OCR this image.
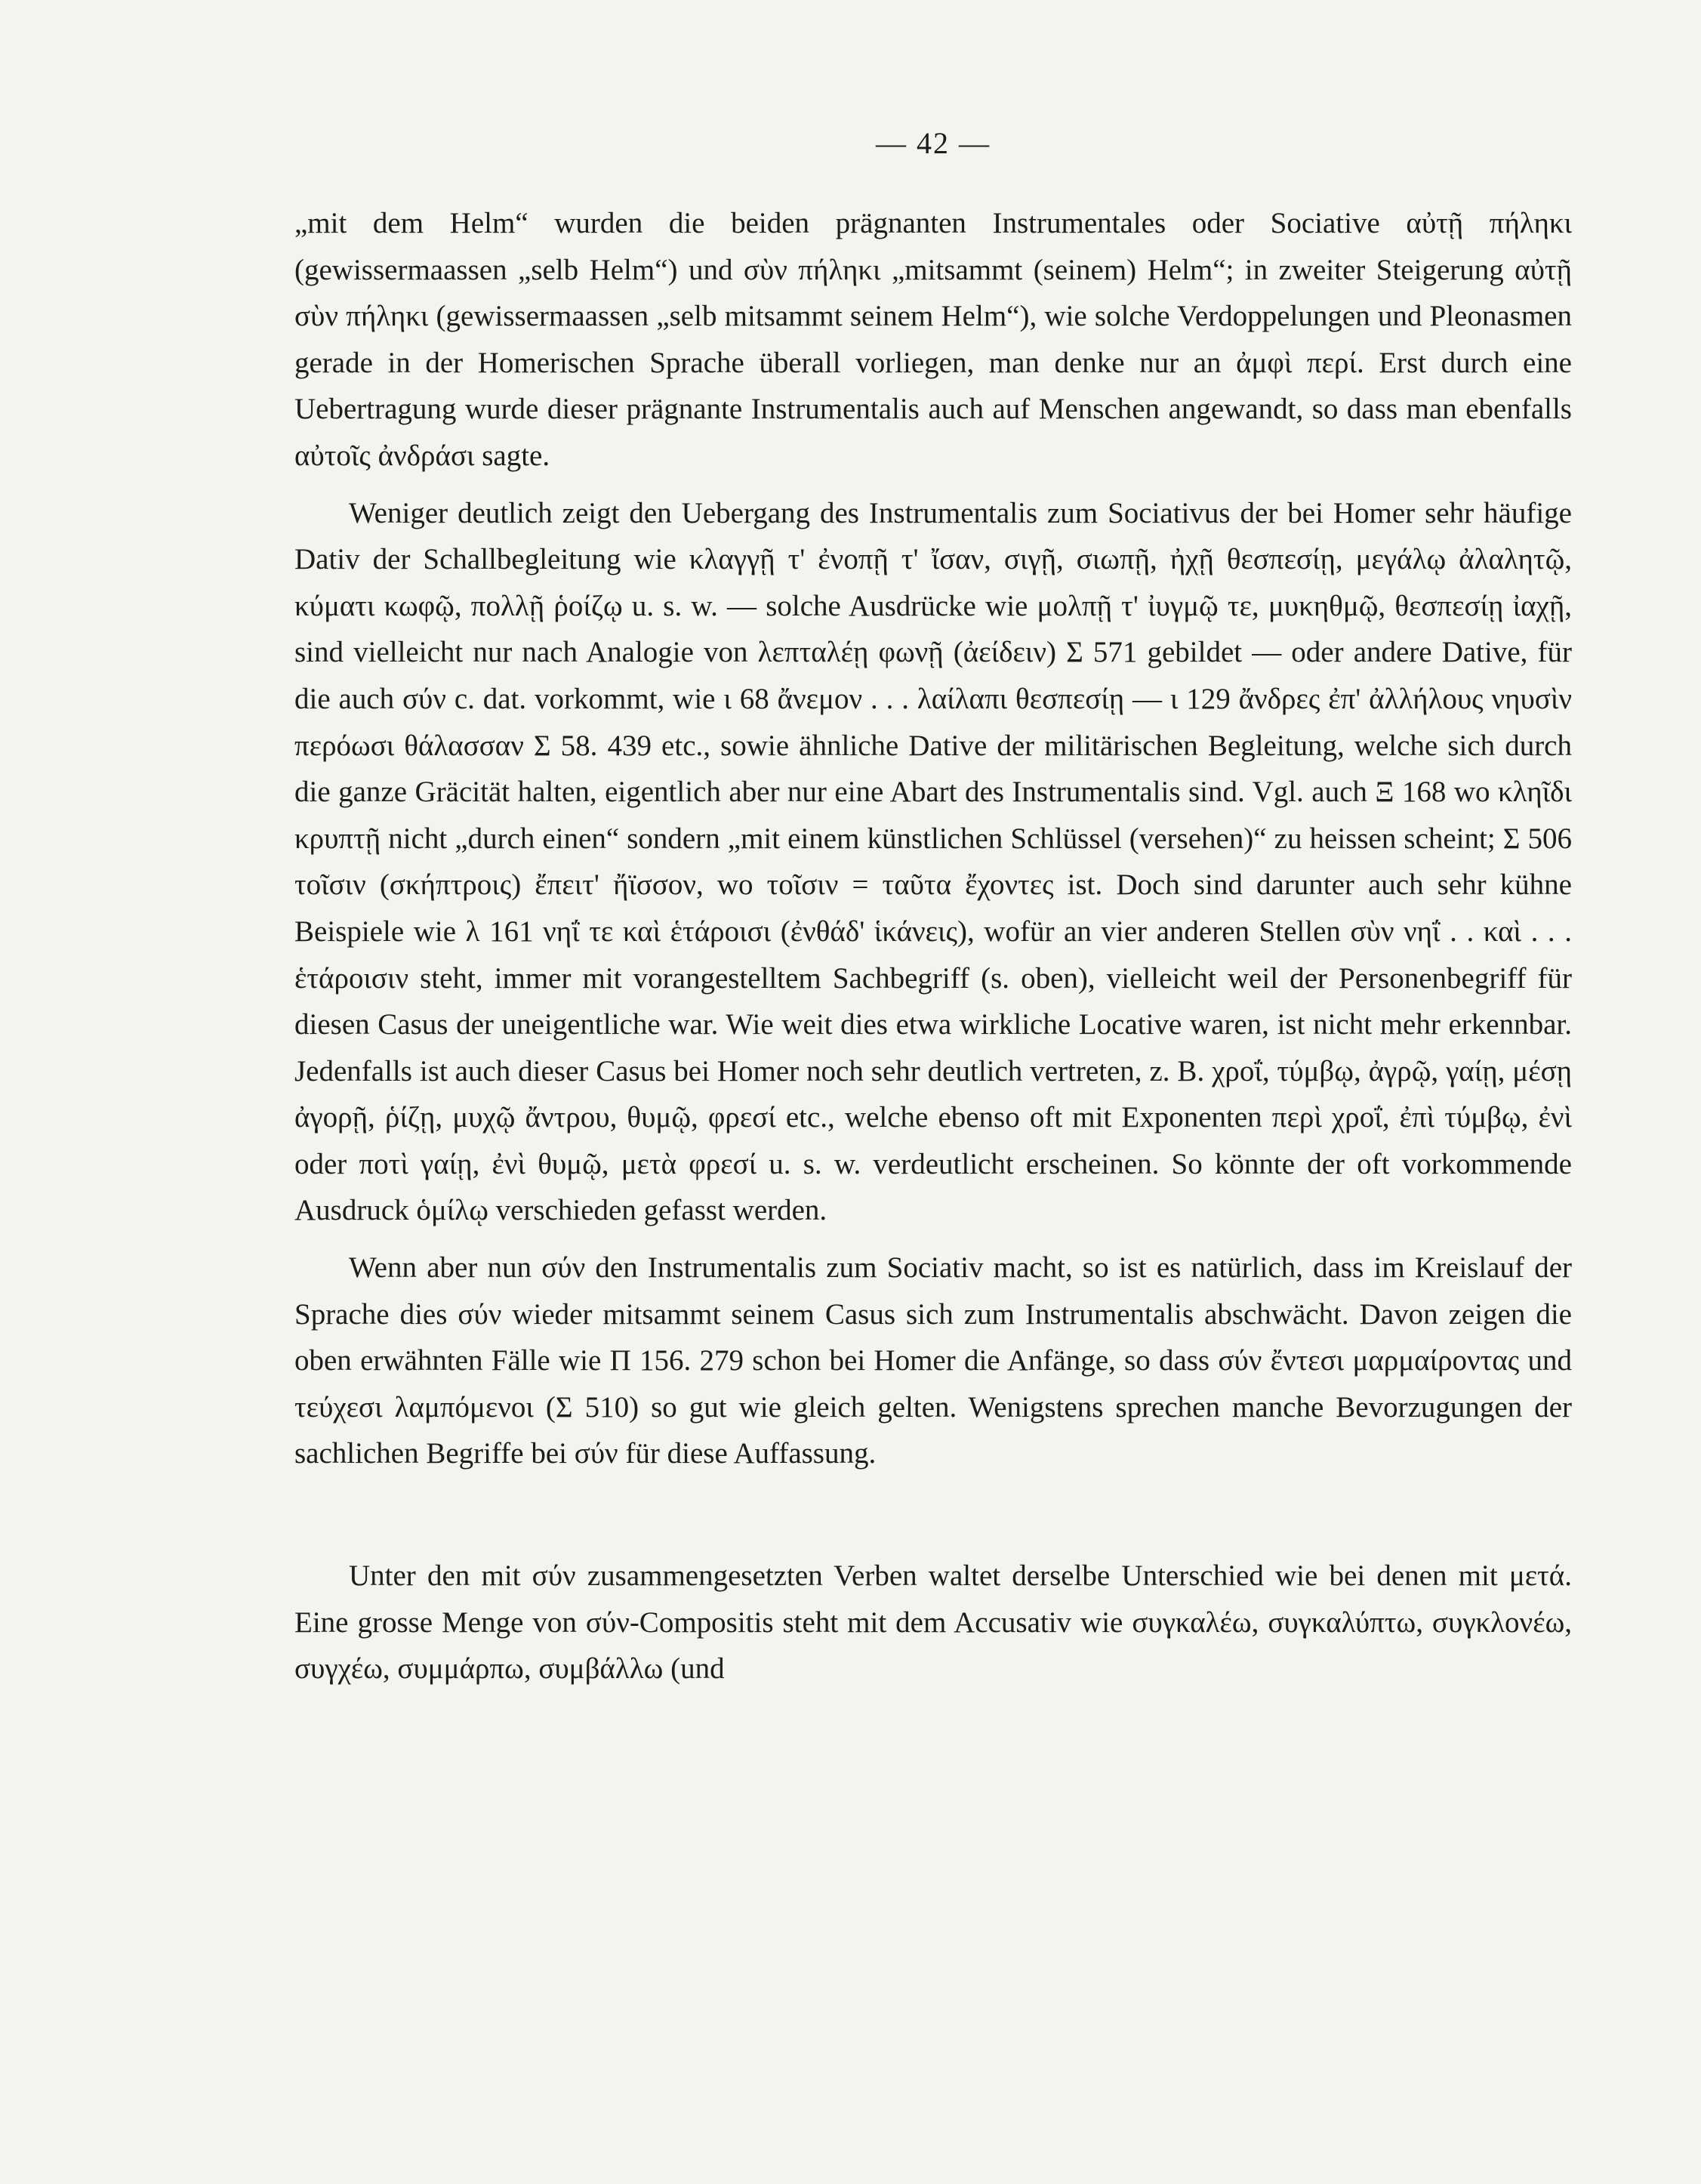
— 42 —

„mit dem Helm“ wurden die beiden prägnanten Instrumentales oder Sociative αὐτῇ πήληκι (gewissermaassen „selb Helm“) und σὺν πήληκι „mitsammt (seinem) Helm“; in zweiter Steigerung αὐτῇ σὺν πήληκι (gewissermaassen „selb mitsammt seinem Helm“), wie solche Verdoppelungen und Pleonasmen gerade in der Homerischen Sprache überall vorliegen, man denke nur an ἀμφὶ περί. Erst durch eine Uebertragung wurde dieser prägnante Instrumentalis auch auf Menschen angewandt, so dass man ebenfalls αὐτοῖς ἀνδράσι sagte.

Weniger deutlich zeigt den Uebergang des Instrumentalis zum Sociativus der bei Homer sehr häufige Dativ der Schallbegleitung wie κλαγγῇ τ' ἐνοπῇ τ' ἴσαν, σιγῇ, σιωπῇ, ἠχῇ θεσπεσίῃ, μεγάλῳ ἀλαλητῷ, κύματι κωφῷ, πολλῇ ῥοίζῳ u. s. w. — solche Ausdrücke wie μολπῇ τ' ἰυγμῷ τε, μυκηθμῷ, θεσπεσίῃ ἰαχῇ, sind vielleicht nur nach Analogie von λεπταλέῃ φωνῇ (ἀείδειν) Σ 571 gebildet — oder andere Dative, für die auch σύν c. dat. vorkommt, wie ι 68 ἄνεμον . . . λαίλαπι θεσπεσίῃ — ι 129 ἄνδρες ἐπ' ἀλλήλους νηυσὶν περόωσι θάλασσαν Σ 58. 439 etc., sowie ähnliche Dative der militärischen Begleitung, welche sich durch die ganze Gräcität halten, eigentlich aber nur eine Abart des Instrumentalis sind. Vgl. auch Ξ 168 wo κληῖδι κρυπτῇ nicht „durch einen“ sondern „mit einem künstlichen Schlüssel (versehen)“ zu heissen scheint; Σ 506 τοῖσιν (σκήπτροις) ἔπειτ' ἤϊσσον, wo τοῖσιν = ταῦτα ἔχοντες ist. Doch sind darunter auch sehr kühne Beispiele wie λ 161 νηΐ τε καὶ ἑτάροισι (ἐνθάδ' ἱκάνεις), wofür an vier anderen Stellen σὺν νηΐ . . καὶ . . . ἑτάροισιν steht, immer mit vorangestelltem Sachbegriff (s. oben), vielleicht weil der Personenbegriff für diesen Casus der uneigentliche war. Wie weit dies etwa wirkliche Locative waren, ist nicht mehr erkennbar. Jedenfalls ist auch dieser Casus bei Homer noch sehr deutlich vertreten, z. B. χροΐ, τύμβῳ, ἀγρῷ, γαίῃ, μέσῃ ἀγορῇ, ῥίζῃ, μυχῷ ἄντρου, θυμῷ, φρεσί etc., welche ebenso oft mit Exponenten περὶ χροΐ, ἐπὶ τύμβῳ, ἐνὶ oder ποτὶ γαίῃ, ἐνὶ θυμῷ, μετὰ φρεσί u. s. w. verdeutlicht erscheinen. So könnte der oft vorkommende Ausdruck ὁμίλῳ verschieden gefasst werden.

Wenn aber nun σύν den Instrumentalis zum Sociativ macht, so ist es natürlich, dass im Kreislauf der Sprache dies σύν wieder mitsammt seinem Casus sich zum Instrumentalis abschwächt. Davon zeigen die oben erwähnten Fälle wie Π 156. 279 schon bei Homer die Anfänge, so dass σύν ἔντεσι μαρμαίροντας und τεύχεσι λαμπόμενοι (Σ 510) so gut wie gleich gelten. Wenigstens sprechen manche Bevorzugungen der sachlichen Begriffe bei σύν für diese Auffassung.

Unter den mit σύν zusammengesetzten Verben waltet derselbe Unterschied wie bei denen mit μετά. Eine grosse Menge von σύν-Compositis steht mit dem Accusativ wie συγκαλέω, συγκαλύπτω, συγκλονέω, συγχέω, συμμάρπω, συμβάλλω (und
